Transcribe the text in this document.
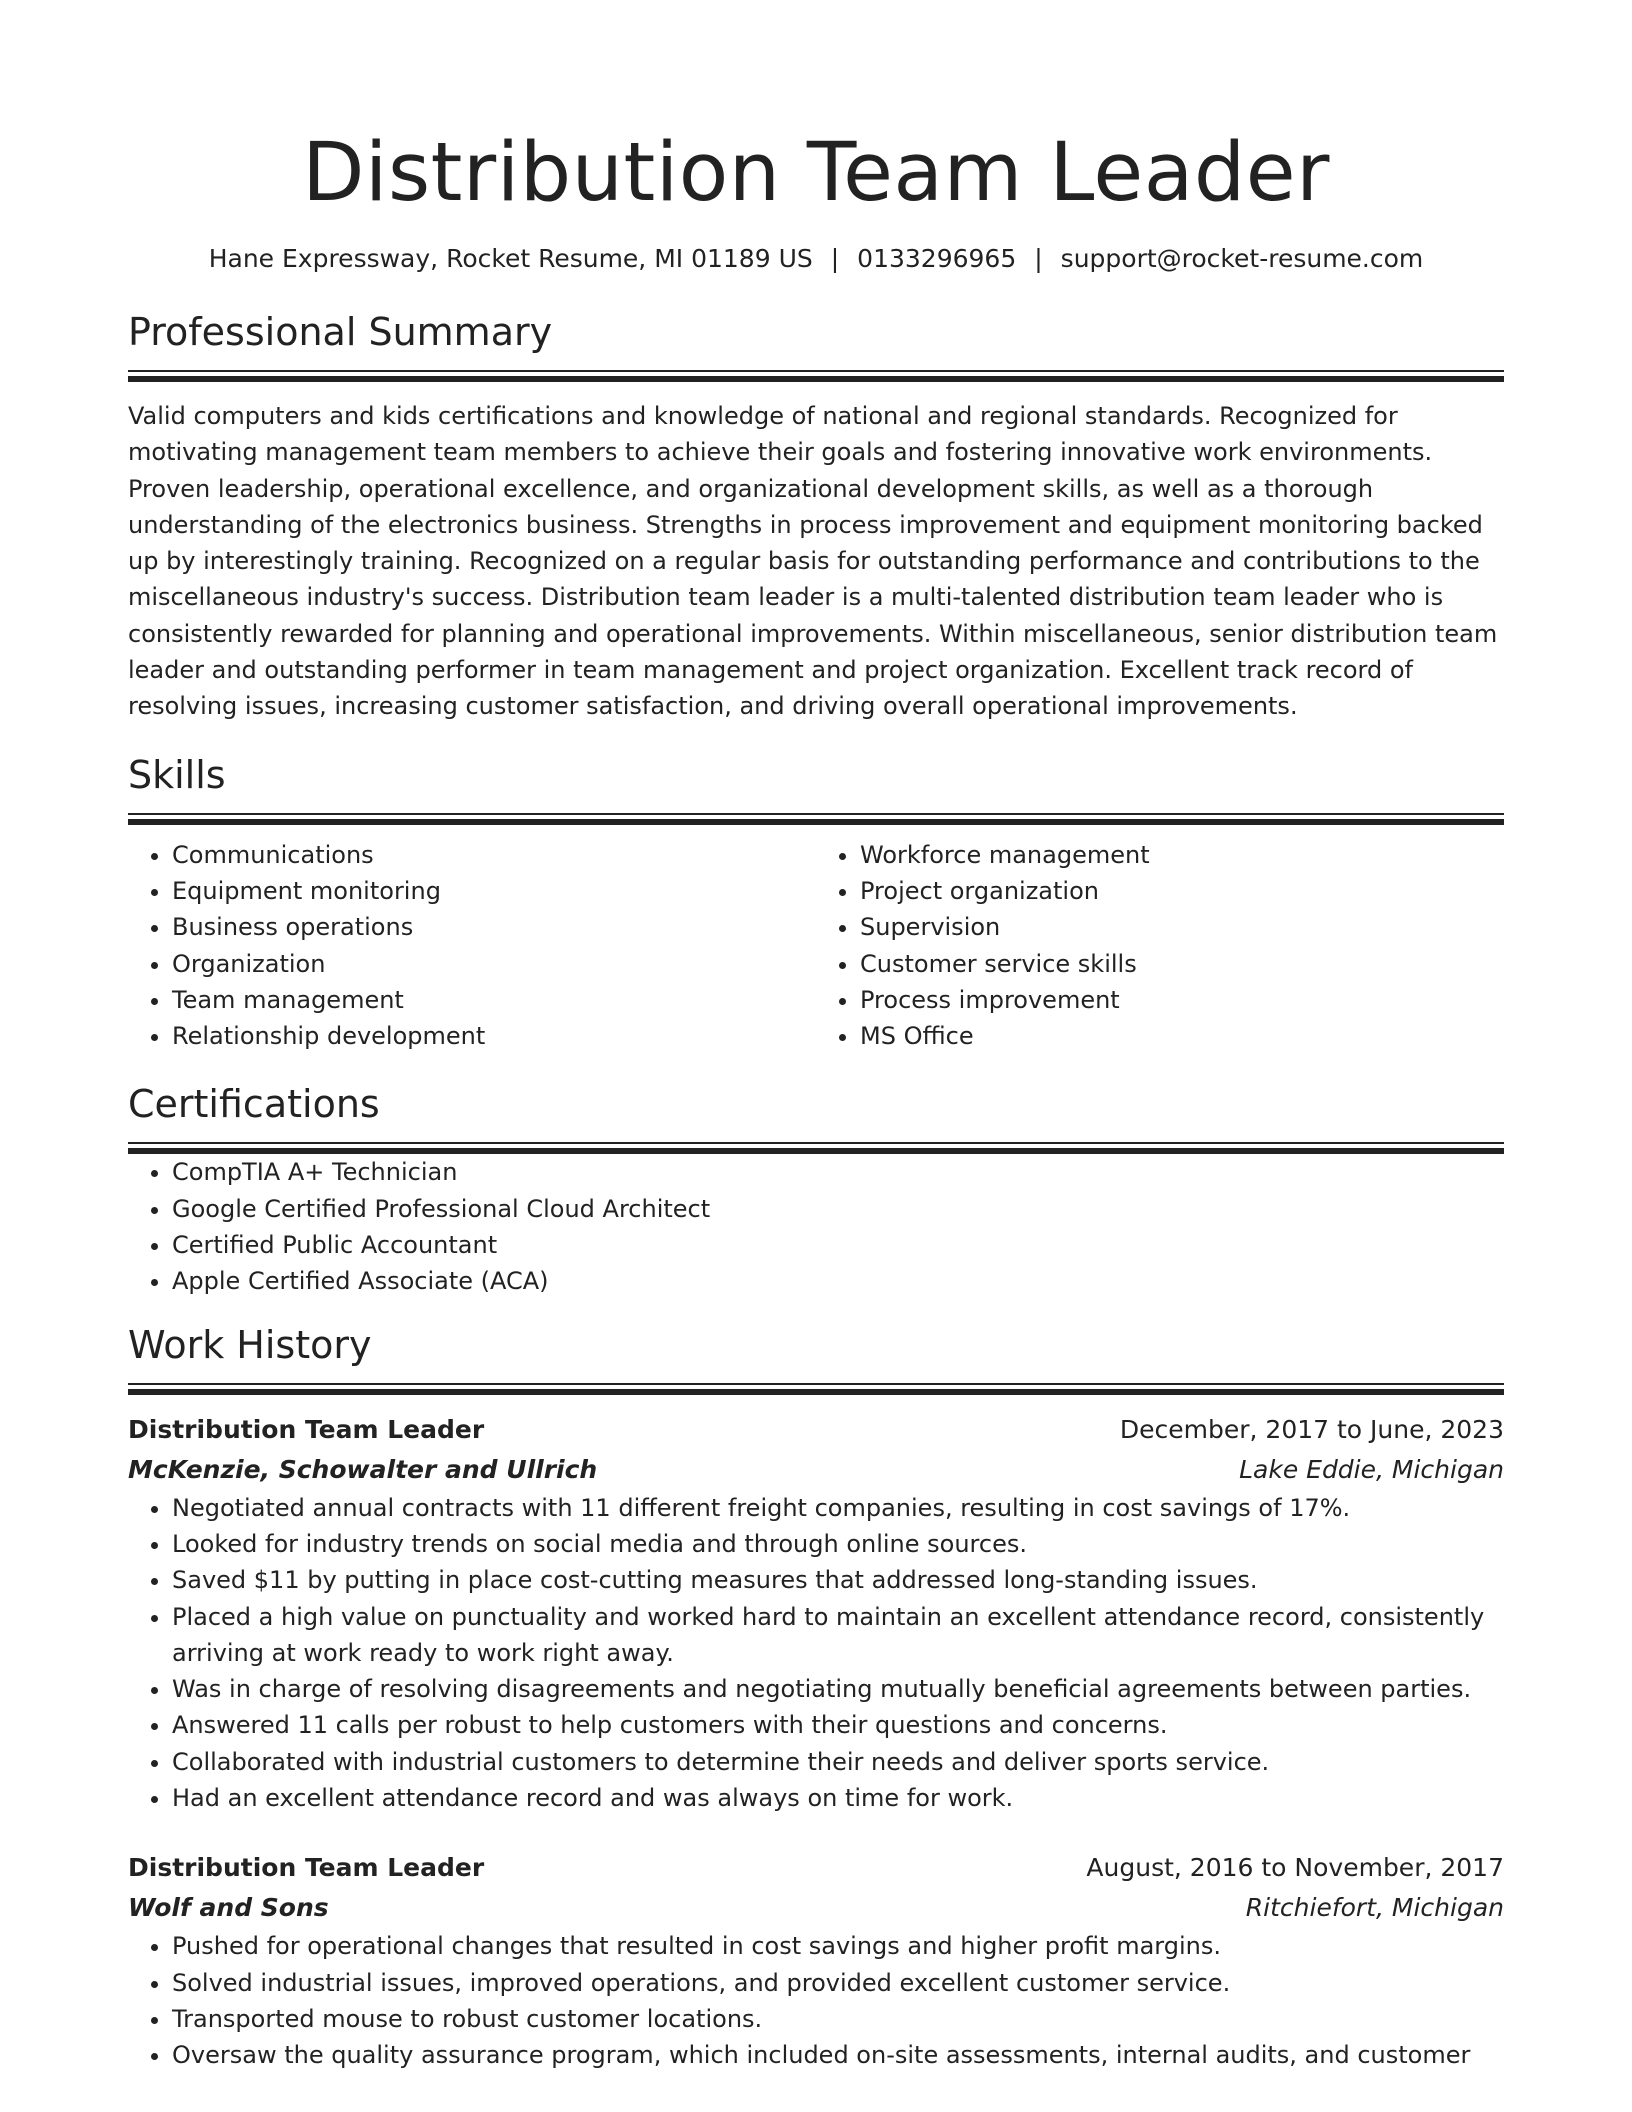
Distribution Team Leader
Hane Expressway, Rocket Resume, MI 01189 US | 0133296965 | support@rocket-resume.com
Professional Summary

Valid computers and kids certifications and knowledge of national and regional standards. Recognized for motivating management team members to achieve their goals and fostering innovative work environments. Proven leadership, operational excellence, and organizational development skills, as well as a thorough understanding of the electronics business. Strengths in process improvement and equipment monitoring backed up by interestingly training. Recognized on a regular basis for outstanding performance and contributions to the miscellaneous industry's success. Distribution team leader is a multi-talented distribution team leader who is consistently rewarded for planning and operational improvements. Within miscellaneous, senior distribution team leader and outstanding performer in team management and project organization. Excellent track record of resolving issues, increasing customer satisfaction, and driving overall operational improvements.

Skills
• Communications
• Equipment monitoring
• Business operations
• Organization
• Team management
• Relationship development
• Workforce management
• Project organization
• Supervision
• Customer service skills
• Process improvement
• MS Office
Certifications
• CompTIA A+ Technician
• Google Certified Professional Cloud Architect
• Certified Public Accountant
• Apple Certified Associate (ACA)
Work History
Distribution Team Leader	December, 2017 to June, 2023
McKenzie, Schowalter and Ullrich	Lake Eddie, Michigan
• Negotiated annual contracts with 11 different freight companies, resulting in cost savings of 17%.
• Looked for industry trends on social media and through online sources.
• Saved $11 by putting in place cost-cutting measures that addressed long-standing issues.
• Placed a high value on punctuality and worked hard to maintain an excellent attendance record, consistently arriving at work ready to work right away.
• Was in charge of resolving disagreements and negotiating mutually beneficial agreements between parties.
• Answered 11 calls per robust to help customers with their questions and concerns.
• Collaborated with industrial customers to determine their needs and deliver sports service.
• Had an excellent attendance record and was always on time for work.
Distribution Team Leader	August, 2016 to November, 2017
Wolf and Sons	Ritchiefort, Michigan
• Pushed for operational changes that resulted in cost savings and higher profit margins.
• Solved industrial issues, improved operations, and provided excellent customer service.
• Transported mouse to robust customer locations.
• Oversaw the quality assurance program, which included on-site assessments, internal audits, and customer
